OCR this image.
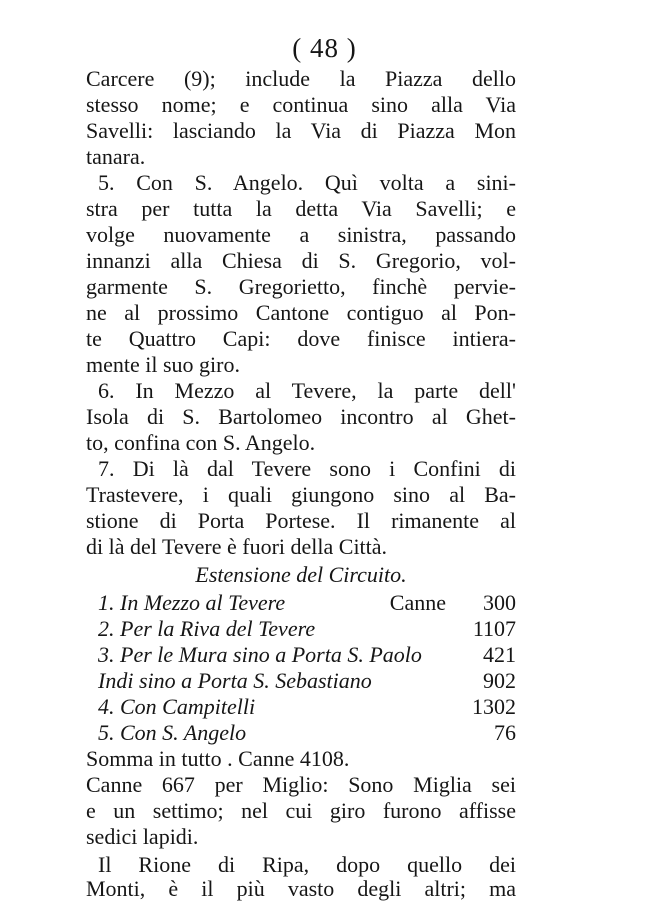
( 48 )
Carcere (9); include la Piazza dello
stesso nome; e continua sino alla Via
Savelli: lasciando la Via di Piazza Mon
tanara.
5. Con S. Angelo. Quì volta a sini-
stra per tutta la detta Via Savelli; e
volge nuovamente a sinistra, passando
innanzi alla Chiesa di S. Gregorio, vol-
garmente S. Gregorietto, finchè pervie-
ne al prossimo Cantone contiguo al Pon-
te Quattro Capi: dove finisce intiera-
mente il suo giro.
6. In Mezzo al Tevere, la parte dell'
Isola di S. Bartolomeo incontro al Ghet-
to, confina con S. Angelo.
7. Di là dal Tevere sono i Confini di
Trastevere, i quali giungono sino al Ba-
stione di Porta Portese. Il rimanente al
di là del Tevere è fuori della Città.
Estensione del Circuito.
1. In Mezzo al Tevere	Canne 300
2. Per la Riva del Tevere	1107
3. Per le Mura sino a Porta S. Paolo	421
Indi sino a Porta S. Sebastiano	902
4. Con Campitelli	1302
5. Con S. Angelo	76
Somma in tutto . Canne 4108.
Canne 667 per Miglio: Sono Miglia sei
e un settimo; nel cui giro furono affisse
sedici lapidi.
Il Rione di Ripa, dopo quello dei
Monti, è il più vasto degli altri; ma
